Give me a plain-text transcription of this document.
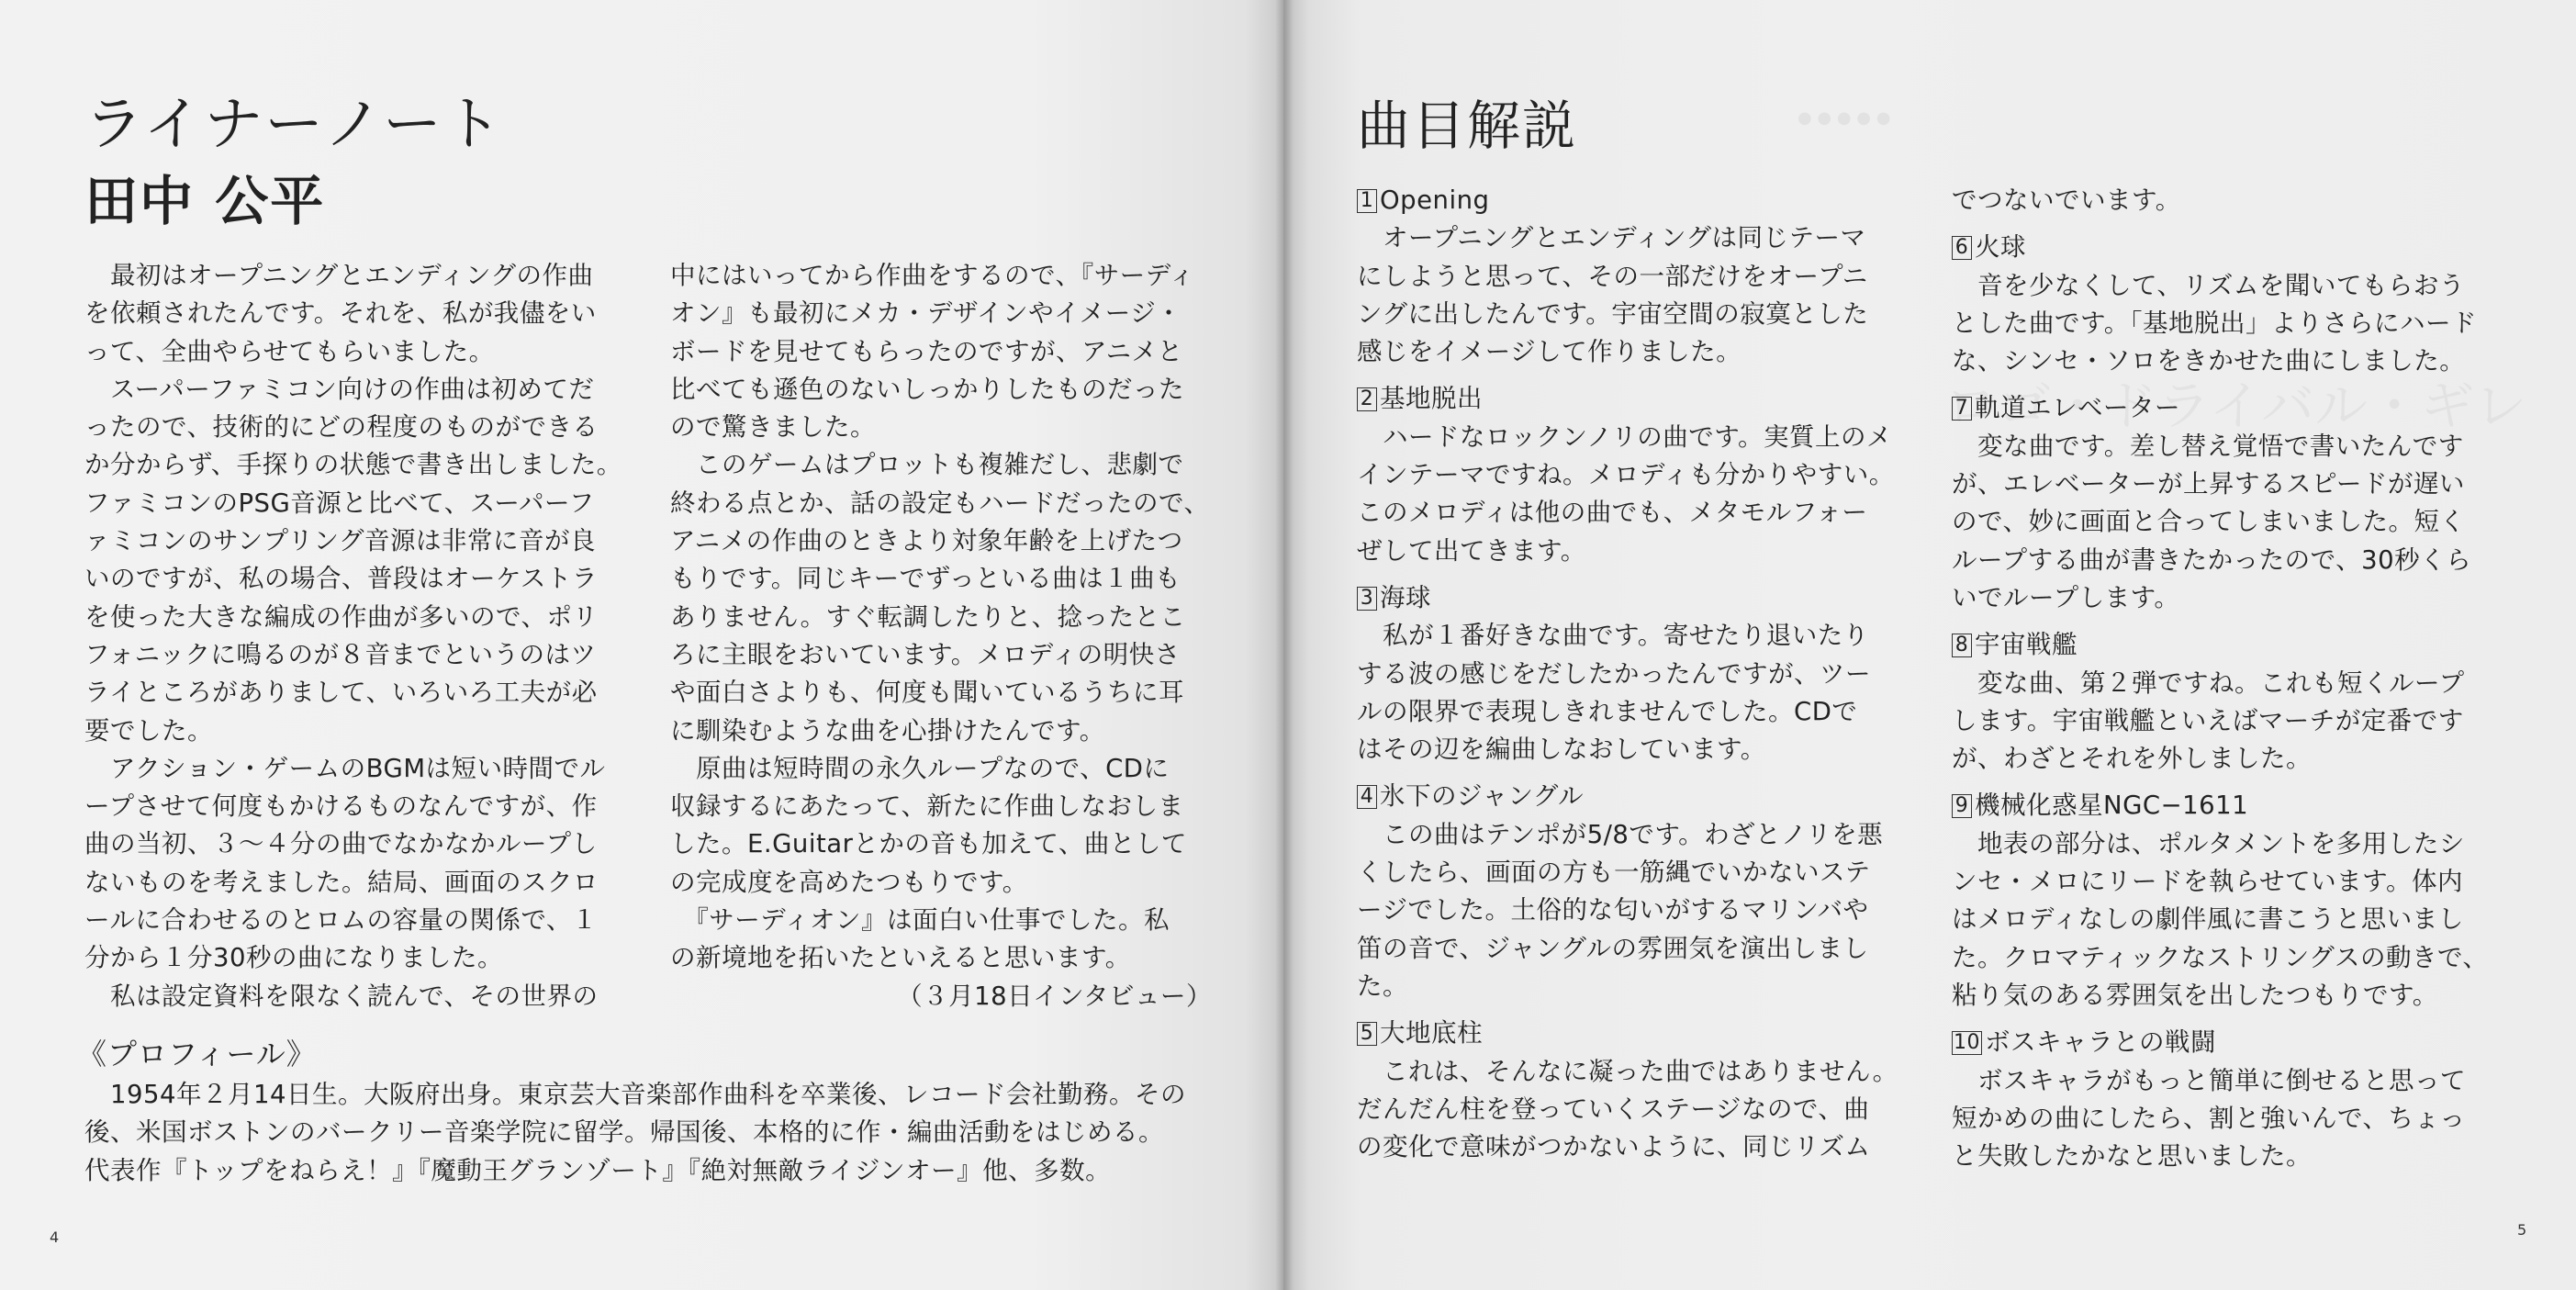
ライナーノート
田中 公平
　最初はオープニングとエンディングの作曲
を依頼されたんです。それを、私が我儘をい
って、全曲やらせてもらいました。
　スーパーファミコン向けの作曲は初めてだ
ったので、技術的にどの程度のものができる
か分からず、手探りの状態で書き出しました。
ファミコンのPSG音源と比べて、スーパーフ
ァミコンのサンプリング音源は非常に音が良
いのですが、私の場合、普段はオーケストラ
を使った大きな編成の作曲が多いので、ポリ
フォニックに鳴るのが８音までというのはツ
ライところがありまして、いろいろ工夫が必
要でした。
　アクション・ゲームのBGMは短い時間でル
ープさせて何度もかけるものなんですが、作
曲の当初、３〜４分の曲でなかなかループし
ないものを考えました。結局、画面のスクロ
ールに合わせるのとロムの容量の関係で、１
分から１分30秒の曲になりました。
　私は設定資料を限なく読んで、その世界の
中にはいってから作曲をするので、『サーディ
オン』も最初にメカ・デザインやイメージ・
ボードを見せてもらったのですが、アニメと
比べても遜色のないしっかりしたものだった
ので驚きました。
　このゲームはプロットも複雑だし、悲劇で
終わる点とか、話の設定もハードだったので、
アニメの作曲のときより対象年齢を上げたつ
もりです。同じキーでずっといる曲は１曲も
ありません。すぐ転調したりと、捻ったとこ
ろに主眼をおいています。メロディの明快さ
や面白さよりも、何度も聞いているうちに耳
に馴染むような曲を心掛けたんです。
　原曲は短時間の永久ループなので、CDに
収録するにあたって、新たに作曲しなおしま
した。E.Guitarとかの音も加えて、曲として
の完成度を高めたつもりです。
　『サーディオン』は面白い仕事でした。私
の新境地を拓いたといえると思います。
（３月18日インタビュー）
《プロフィール》
　1954年２月14日生。大阪府出身。東京芸大音楽部作曲科を卒業後、レコード会社勤務。その
後、米国ボストンのバークリー音楽学院に留学。帰国後、本格的に作・編曲活動をはじめる。
代表作『トップをねらえ！』『魔動王グランゾート』『絶対無敵ライジンオー』他、多数。
4
● ● ● ● ●
曲目解説
1 Opening
　オープニングとエンディングは同じテーマ
にしようと思って、その一部だけをオープニ
ングに出したんです。宇宙空間の寂寞とした
感じをイメージして作りました。
2 基地脱出
　ハードなロックンノリの曲です。実質上のメ
インテーマですね。メロディも分かりやすい。
このメロディは他の曲でも、メタモルフォー
ぜして出てきます。
3 海球
　私が１番好きな曲です。寄せたり退いたり
する波の感じをだしたかったんですが、ツー
ルの限界で表現しきれませんでした。CDで
はその辺を編曲しなおしています。
4 氷下のジャングル
　この曲はテンポが5/8です。わざとノリを悪
くしたら、画面の方も一筋縄でいかないステ
ージでした。土俗的な匂いがするマリンバや
笛の音で、ジャングルの雰囲気を演出しまし
た。
5 大地底柱
　これは、そんなに凝った曲ではありません。
だんだん柱を登っていくステージなので、曲
の変化で意味がつかないように、同じリズム
でつないでいます。
6 火球
　音を少なくして、リズムを聞いてもらおう
とした曲です。「基地脱出」よりさらにハード
な、シンセ・ソロをきかせた曲にしました。
7 軌道エレベーター
　変な曲です。差し替え覚悟で書いたんです
が、エレベーターが上昇するスピードが遅い
ので、妙に画面と合ってしまいました。短く
ループする曲が書きたかったので、30秒くら
いでループします。
8 宇宙戦艦
　変な曲、第２弾ですね。これも短くループ
します。宇宙戦艦といえばマーチが定番です
が、わざとそれを外しました。
9 機械化惑星NGC−1611
　地表の部分は、ポルタメントを多用したシ
ンセ・メロにリードを執らせています。体内
はメロディなしの劇伴風に書こうと思いまし
た。クロマティックなストリングスの動きで、
粘り気のある雰囲気を出したつもりです。
10 ボスキャラとの戦闘
　ボスキャラがもっと簡単に倒せると思って
短かめの曲にしたら、割と強いんで、ちょっ
と失敗したかなと思いました。
5
